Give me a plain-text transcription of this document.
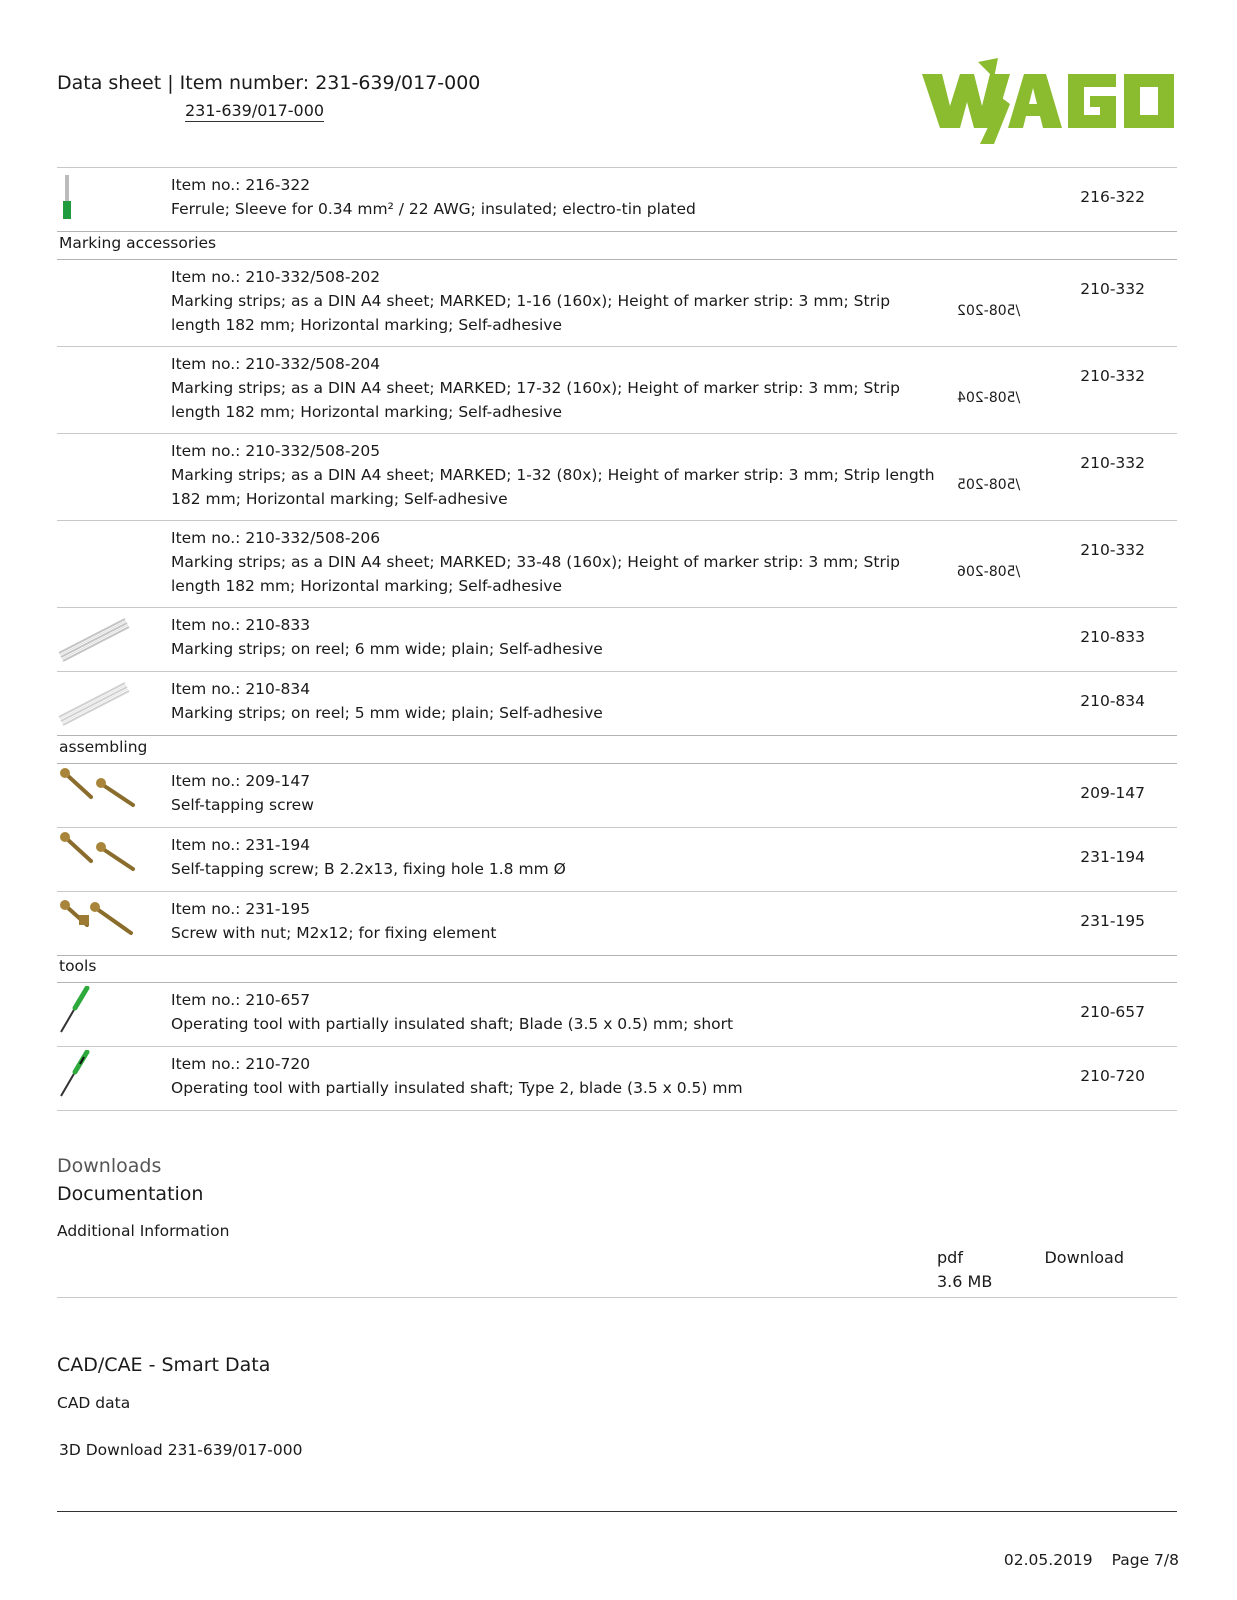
Data sheet | Item number: 231-639/017-000
231-639/017-000
Item no.: 216-322
Ferrule; Sleeve for 0.34 mm² / 22 AWG; insulated; electro-tin plated
216-322
Marking accessories
Item no.: 210-332/508-202
Marking strips; as a DIN A4 sheet; MARKED; 1-16 (160x); Height of marker strip: 3 mm; Strip length 182 mm; Horizontal marking; Self-adhesive
/508-202
210-332
Item no.: 210-332/508-204
Marking strips; as a DIN A4 sheet; MARKED; 17-32 (160x); Height of marker strip: 3 mm; Strip length 182 mm; Horizontal marking; Self-adhesive
/508-204
210-332
Item no.: 210-332/508-205
Marking strips; as a DIN A4 sheet; MARKED; 1-32 (80x); Height of marker strip: 3 mm; Strip length 182 mm; Horizontal marking; Self-adhesive
/508-205
210-332
Item no.: 210-332/508-206
Marking strips; as a DIN A4 sheet; MARKED; 33-48 (160x); Height of marker strip: 3 mm; Strip length 182 mm; Horizontal marking; Self-adhesive
/508-206
210-332
Item no.: 210-833
Marking strips; on reel; 6 mm wide; plain; Self-adhesive
210-833
Item no.: 210-834
Marking strips; on reel; 5 mm wide; plain; Self-adhesive
210-834
assembling
Item no.: 209-147
Self-tapping screw
209-147
Item no.: 231-194
Self-tapping screw; B 2.2x13, fixing hole 1.8 mm Ø
231-194
Item no.: 231-195
Screw with nut; M2x12; for fixing element
231-195
tools
Item no.: 210-657
Operating tool with partially insulated shaft; Blade (3.5 x 0.5) mm; short
210-657
Item no.: 210-720
Operating tool with partially insulated shaft; Type 2, blade (3.5 x 0.5) mm
210-720
Downloads
Documentation
Additional Information
pdf
3.6 MB
Download
CAD/CAE - Smart Data
CAD data
3D Download 231-639/017-000
02.05.2019 Page 7/8
